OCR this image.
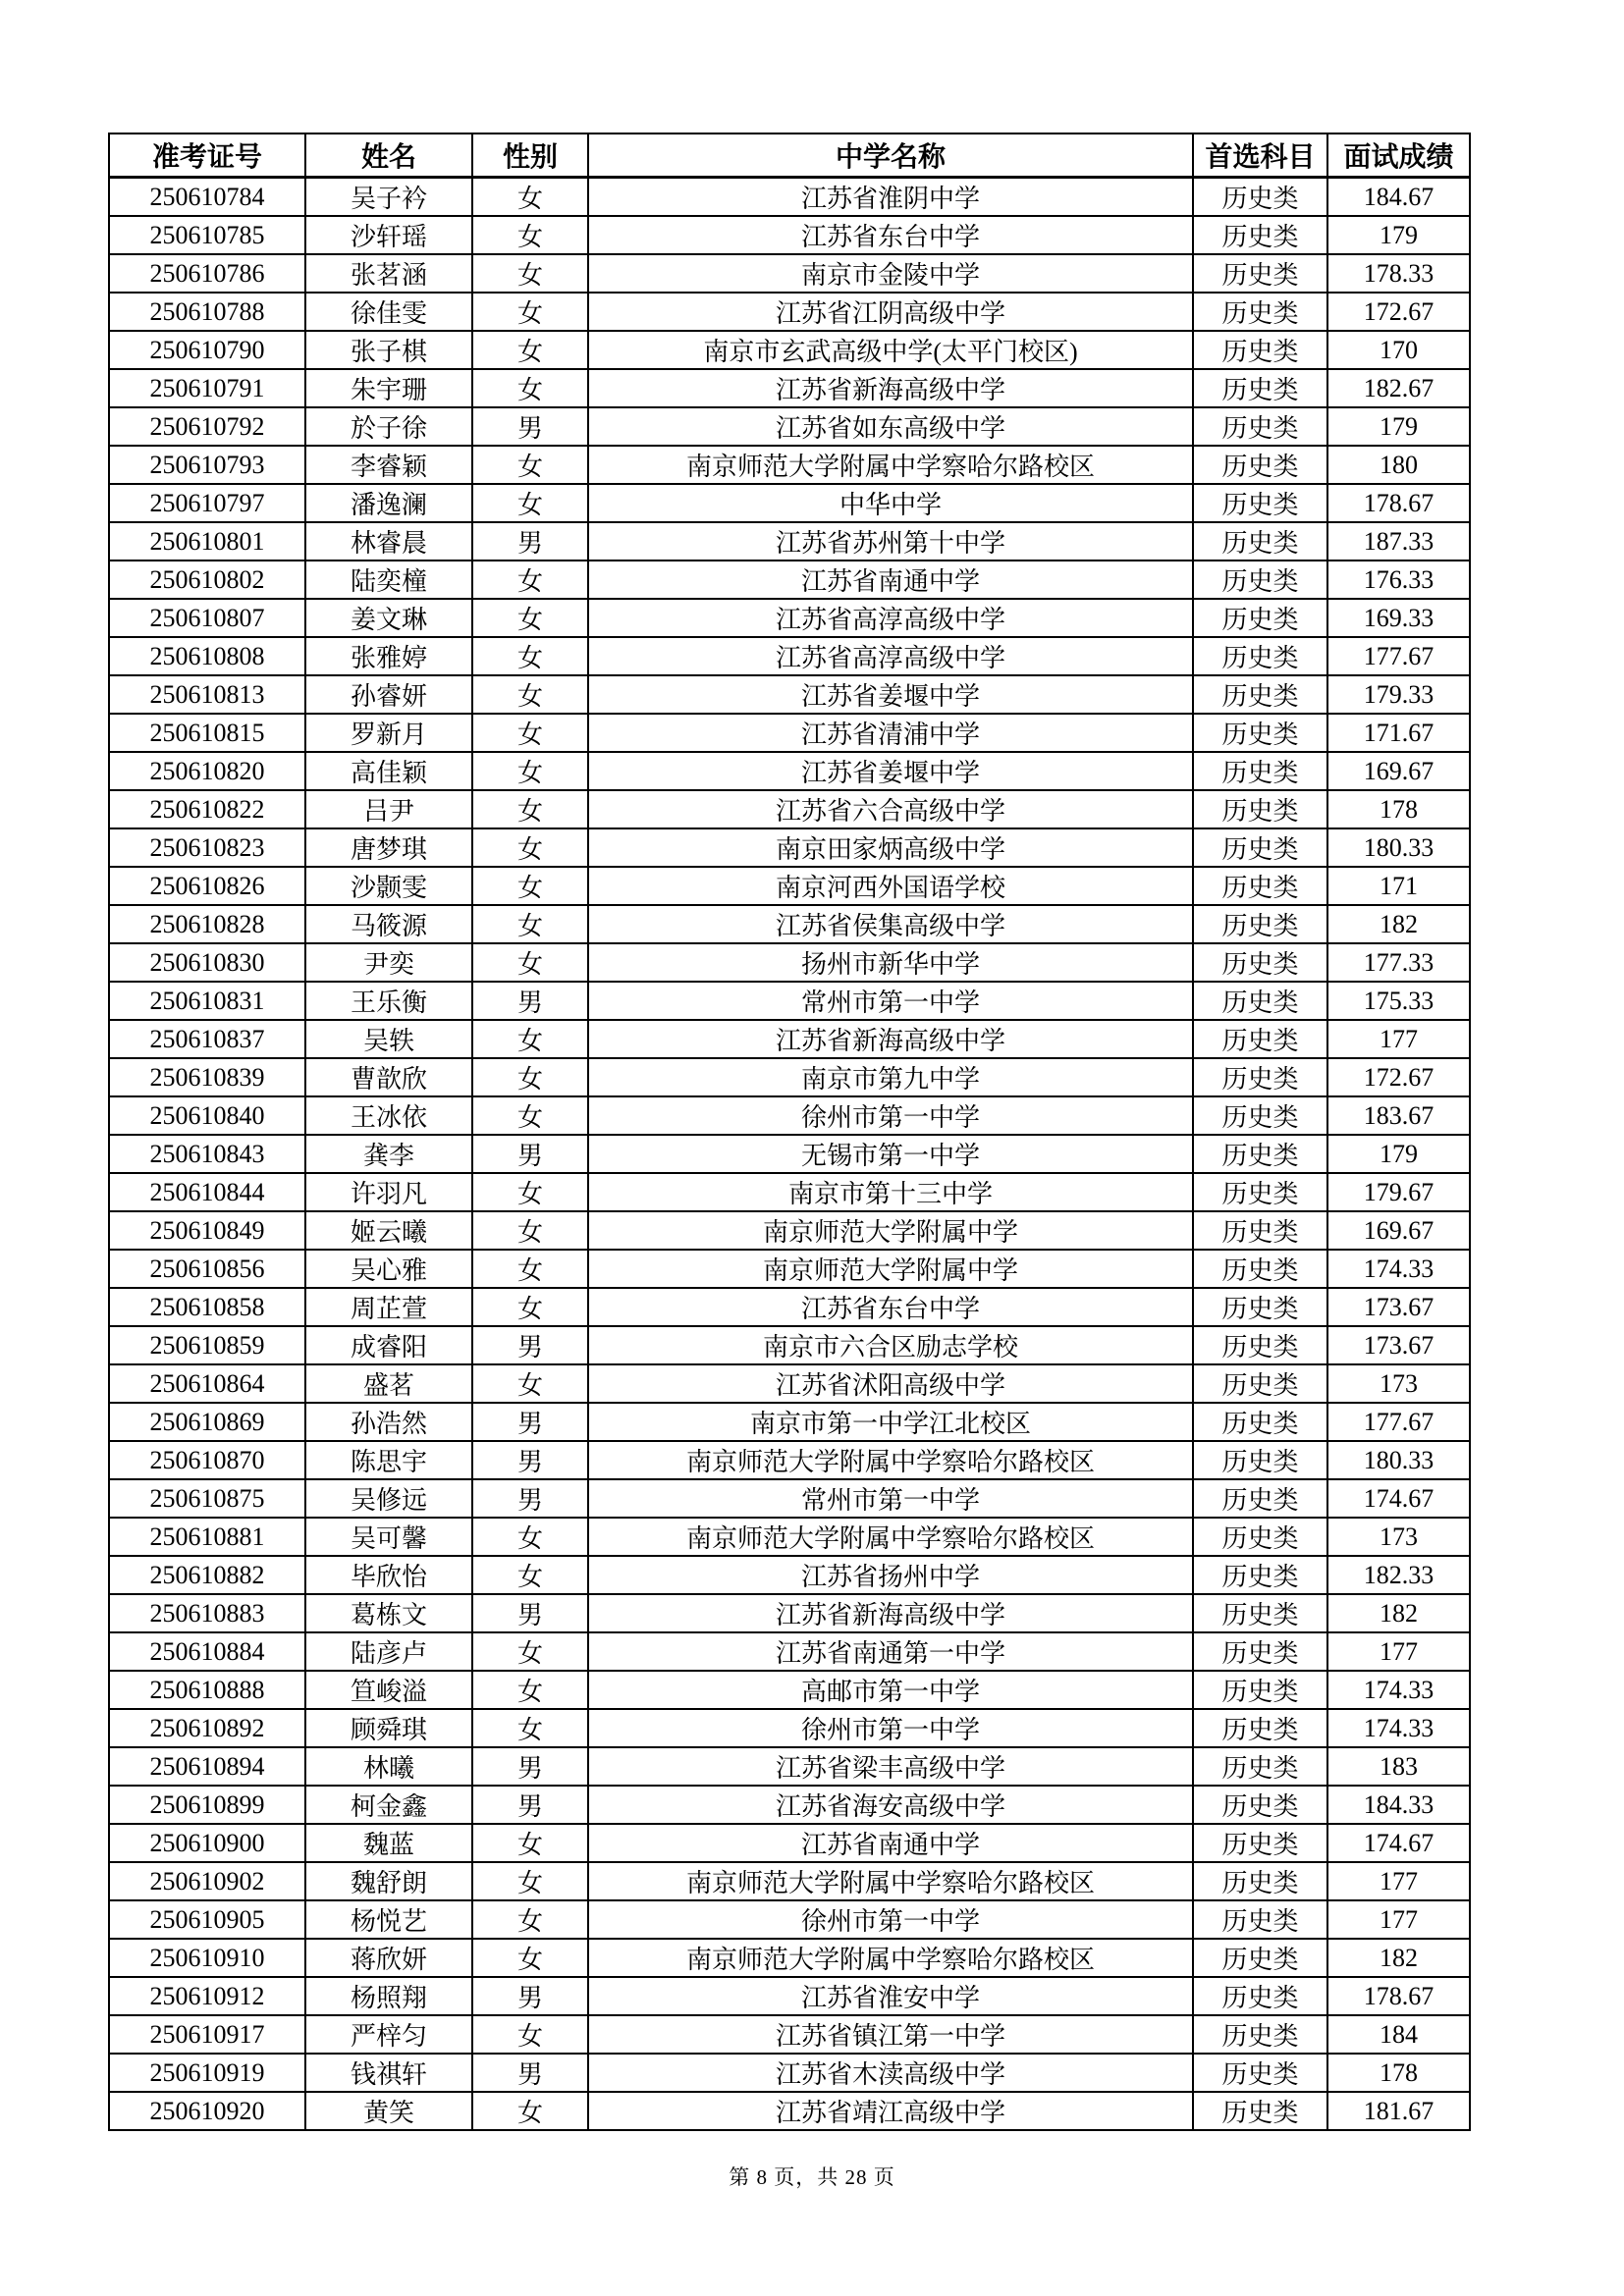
准考证号	姓名	性别	中学名称	首选科目	面试成绩
250610784	吴子衿	女	江苏省淮阴中学	历史类	184.67
250610785	沙轩瑶	女	江苏省东台中学	历史类	179
250610786	张茗涵	女	南京市金陵中学	历史类	178.33
250610788	徐佳雯	女	江苏省江阴高级中学	历史类	172.67
250610790	张子棋	女	南京市玄武高级中学(太平门校区)	历史类	170
250610791	朱宇珊	女	江苏省新海高级中学	历史类	182.67
250610792	於子徐	男	江苏省如东高级中学	历史类	179
250610793	李睿颖	女	南京师范大学附属中学察哈尔路校区	历史类	180
250610797	潘逸澜	女	中华中学	历史类	178.67
250610801	林睿晨	男	江苏省苏州第十中学	历史类	187.33
250610802	陆奕橦	女	江苏省南通中学	历史类	176.33
250610807	姜文琳	女	江苏省高淳高级中学	历史类	169.33
250610808	张雅婷	女	江苏省高淳高级中学	历史类	177.67
250610813	孙睿妍	女	江苏省姜堰中学	历史类	179.33
250610815	罗新月	女	江苏省清浦中学	历史类	171.67
250610820	高佳颖	女	江苏省姜堰中学	历史类	169.67
250610822	吕尹	女	江苏省六合高级中学	历史类	178
250610823	唐梦琪	女	南京田家炳高级中学	历史类	180.33
250610826	沙颢雯	女	南京河西外国语学校	历史类	171
250610828	马筱源	女	江苏省侯集高级中学	历史类	182
250610830	尹奕	女	扬州市新华中学	历史类	177.33
250610831	王乐衡	男	常州市第一中学	历史类	175.33
250610837	吴轶	女	江苏省新海高级中学	历史类	177
250610839	曹歆欣	女	南京市第九中学	历史类	172.67
250610840	王冰依	女	徐州市第一中学	历史类	183.67
250610843	龚李	男	无锡市第一中学	历史类	179
250610844	许羽凡	女	南京市第十三中学	历史类	179.67
250610849	姬云曦	女	南京师范大学附属中学	历史类	169.67
250610856	吴心雅	女	南京师范大学附属中学	历史类	174.33
250610858	周芷萱	女	江苏省东台中学	历史类	173.67
250610859	成睿阳	男	南京市六合区励志学校	历史类	173.67
250610864	盛茗	女	江苏省沭阳高级中学	历史类	173
250610869	孙浩然	男	南京市第一中学江北校区	历史类	177.67
250610870	陈思宇	男	南京师范大学附属中学察哈尔路校区	历史类	180.33
250610875	吴修远	男	常州市第一中学	历史类	174.67
250610881	吴可馨	女	南京师范大学附属中学察哈尔路校区	历史类	173
250610882	毕欣怡	女	江苏省扬州中学	历史类	182.33
250610883	葛栋文	男	江苏省新海高级中学	历史类	182
250610884	陆彦卢	女	江苏省南通第一中学	历史类	177
250610888	笪峻溢	女	高邮市第一中学	历史类	174.33
250610892	顾舜琪	女	徐州市第一中学	历史类	174.33
250610894	林曦	男	江苏省梁丰高级中学	历史类	183
250610899	柯金鑫	男	江苏省海安高级中学	历史类	184.33
250610900	魏蓝	女	江苏省南通中学	历史类	174.67
250610902	魏舒朗	女	南京师范大学附属中学察哈尔路校区	历史类	177
250610905	杨悦艺	女	徐州市第一中学	历史类	177
250610910	蒋欣妍	女	南京师范大学附属中学察哈尔路校区	历史类	182
250610912	杨照翔	男	江苏省淮安中学	历史类	178.67
250610917	严梓匀	女	江苏省镇江第一中学	历史类	184
250610919	钱祺轩	男	江苏省木渎高级中学	历史类	178
250610920	黄笑	女	江苏省靖江高级中学	历史类	181.67
第 8 页，共 28 页
